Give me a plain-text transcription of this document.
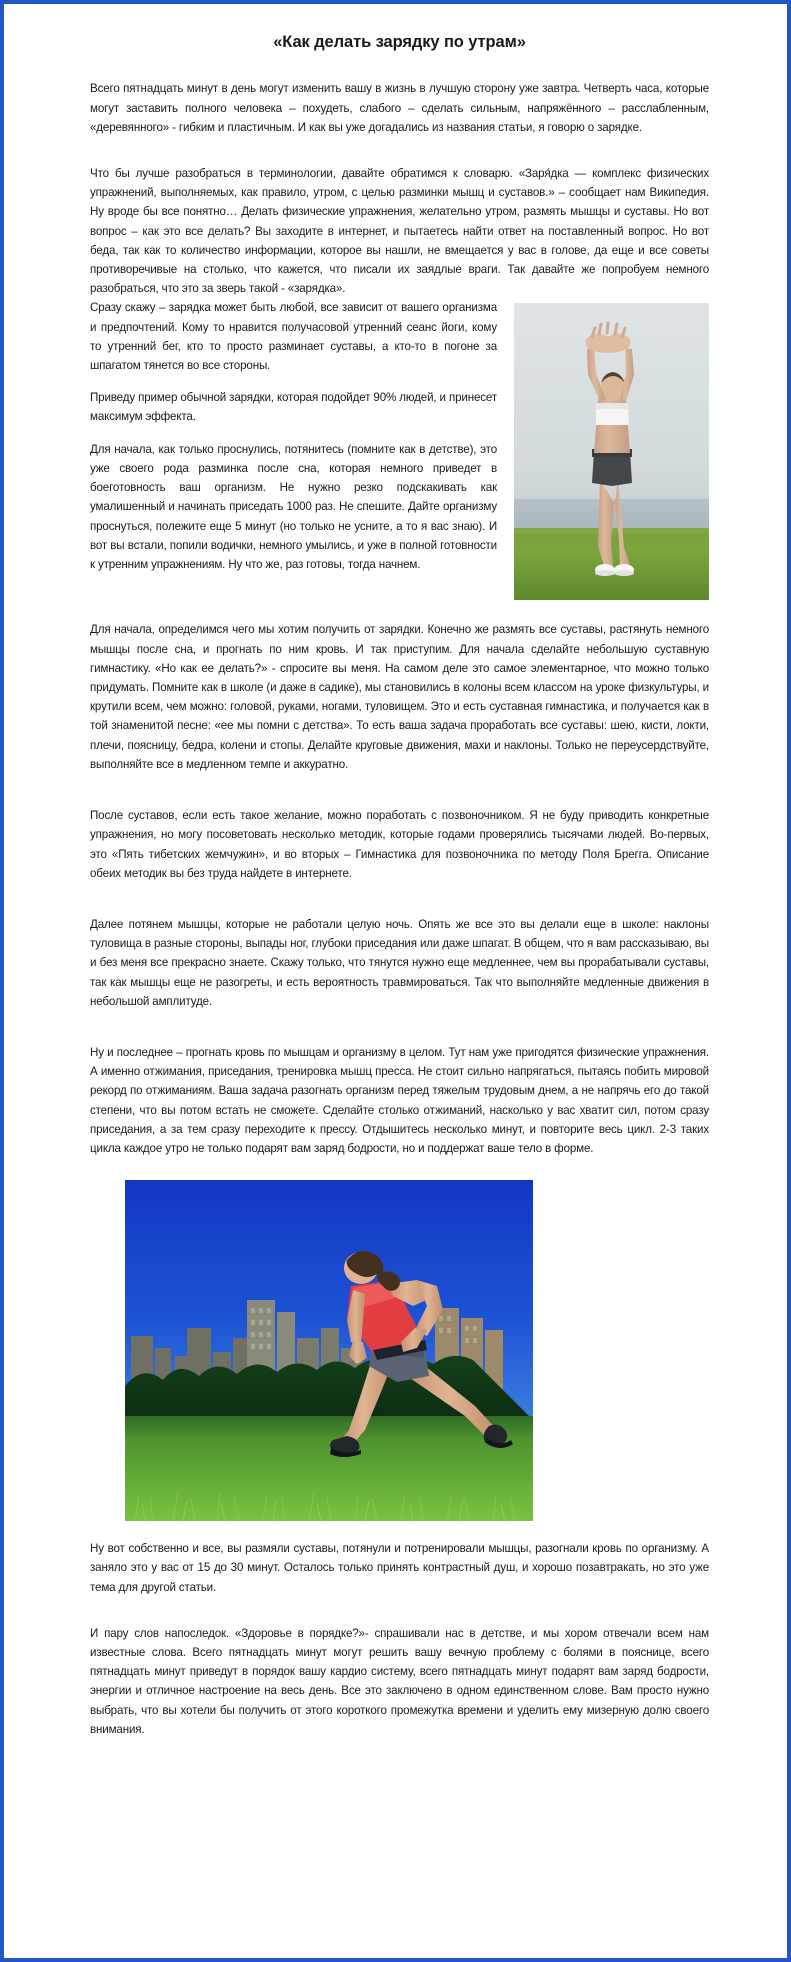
«Как делать зарядку по утрам»

Всего пятнадцать минут в день могут изменить вашу в жизнь в лучшую сторону уже завтра. Четверть часа, которые могут заставить полного человека – похудеть, слабого – сделать сильным, напряжённого – расслабленным, «деревянного» - гибким и пластичным. И как вы уже догадались из названия статьи, я говорю о зарядке.

Что бы лучше разобраться в терминологии, давайте обратимся к словарю. «Заря́дка — комплекс физических упражнений, выполняемых, как правило, утром, с целью разминки мышц и суставов.» – сообщает нам Википедия. Ну вроде бы все понятно… Делать физические упражнения, желательно утром, размять мышцы и суставы. Но вот вопрос – как это все делать? Вы заходите в интернет, и пытаетесь найти ответ на поставленный вопрос. Но вот беда, так как то количество информации, которое вы нашли, не вмещается у вас в голове, да еще и все советы противоречивые на столько, что кажется, что писали их заядлые враги. Так давайте же попробуем немного разобраться, что это за зверь такой - «зарядка».

Сразу скажу – зарядка может быть любой, все зависит от вашего организма и предпочтений. Кому то нравится получасовой утренний сеанс йоги, кому то утренний бег, кто то просто разминает суставы, а кто-то в погоне за шпагатом тянется во все стороны.

Приведу пример обычной зарядки, которая подойдет 90% людей, и принесет максимум эффекта.

Для начала, как только проснулись, потянитесь (помните как в детстве), это уже своего рода разминка после сна, которая немного приведет в боеготовность ваш организм. Не нужно резко подскакивать как умалишенный и начинать приседать 1000 раз. Не спешите. Дайте организму проснуться, полежите еще 5 минут (но только не усните, а то я вас знаю). И вот вы встали, попили водички, немного умылись, и уже в полной готовности к утренним упражнениям. Ну что же, раз готовы, тогда начнем.

Для начала, определимся чего мы хотим получить от зарядки. Конечно же размять все суставы, растянуть немного мышцы после сна, и прогнать по ним кровь. И так приступим. Для начала сделайте небольшую суставную гимнастику. «Но как ее делать?» - спросите вы меня. На самом деле это самое элементарное, что можно только придумать. Помните как в школе (и даже в садике), мы становились в колоны всем классом на уроке физкультуры, и крутили всем, чем можно: головой, руками, ногами, туловищем. Это и есть суставная гимнастика, и получается как в той знаменитой песне: «ее мы помни с детства». То есть ваша задача проработать все суставы: шею, кисти, локти, плечи, поясницу, бедра, колени и стопы. Делайте круговые движения, махи и наклоны. Только не переусердствуйте, выполняйте все в медленном темпе и аккуратно.

После суставов, если есть такое желание, можно поработать с позвоночником. Я не буду приводить конкретные упражнения, но могу посоветовать несколько методик, которые годами проверялись тысячами людей. Во-первых, это «Пять тибетских жемчужин», и во вторых – Гимнастика для позвоночника по методу Поля Брегга. Описание обеих методик вы без труда найдете в интернете.

Далее потянем мышцы, которые не работали целую ночь. Опять же все это вы делали еще в школе: наклоны туловища в разные стороны, выпады ног, глубоки приседания или даже шпагат. В общем, что я вам рассказываю, вы и без меня все прекрасно знаете. Скажу только, что тянутся нужно еще медленнее, чем вы прорабатывали суставы, так как мышцы еще не разогреты, и есть вероятность травмироваться. Так что выполняйте медленные движения в небольшой амплитуде.

Ну и последнее – прогнать кровь по мышцам и организму в целом. Тут нам уже пригодятся физические упражнения. А именно отжимания, приседания, тренировка мышц пресса. Не стоит сильно напрягаться, пытаясь побить мировой рекорд по отжиманиям. Ваша задача разогнать организм перед тяжелым трудовым днем, а не напрячь его до такой степени, что вы потом встать не сможете. Сделайте столько отжиманий, насколько у вас хватит сил, потом сразу приседания, а за тем сразу переходите к прессу. Отдышитесь несколько минут, и повторите весь цикл. 2-3 таких цикла каждое утро не только подарят вам заряд бодрости, но и поддержат ваше тело в форме.

Ну вот собственно и все, вы размяли суставы, потянули и потренировали мышцы, разогнали кровь по организму. А заняло это у вас от 15 до 30 минут. Осталось только принять контрастный душ, и хорошо позавтракать, но это уже тема для другой статьи.

И пару слов напоследок. «Здоровье в порядке?»- спрашивали нас в детстве, и мы хором отвечали всем нам известные слова. Всего пятнадцать минут могут решить вашу вечную проблему с болями в пояснице, всего пятнадцать минут приведут в порядок вашу кардио систему, всего пятнадцать минут подарят вам заряд бодрости, энергии и отличное настроение на весь день. Все это заключено в одном единственном слове. Вам просто нужно выбрать, что вы хотели бы получить от этого короткого промежутка времени и уделить ему мизерную долю своего внимания.
